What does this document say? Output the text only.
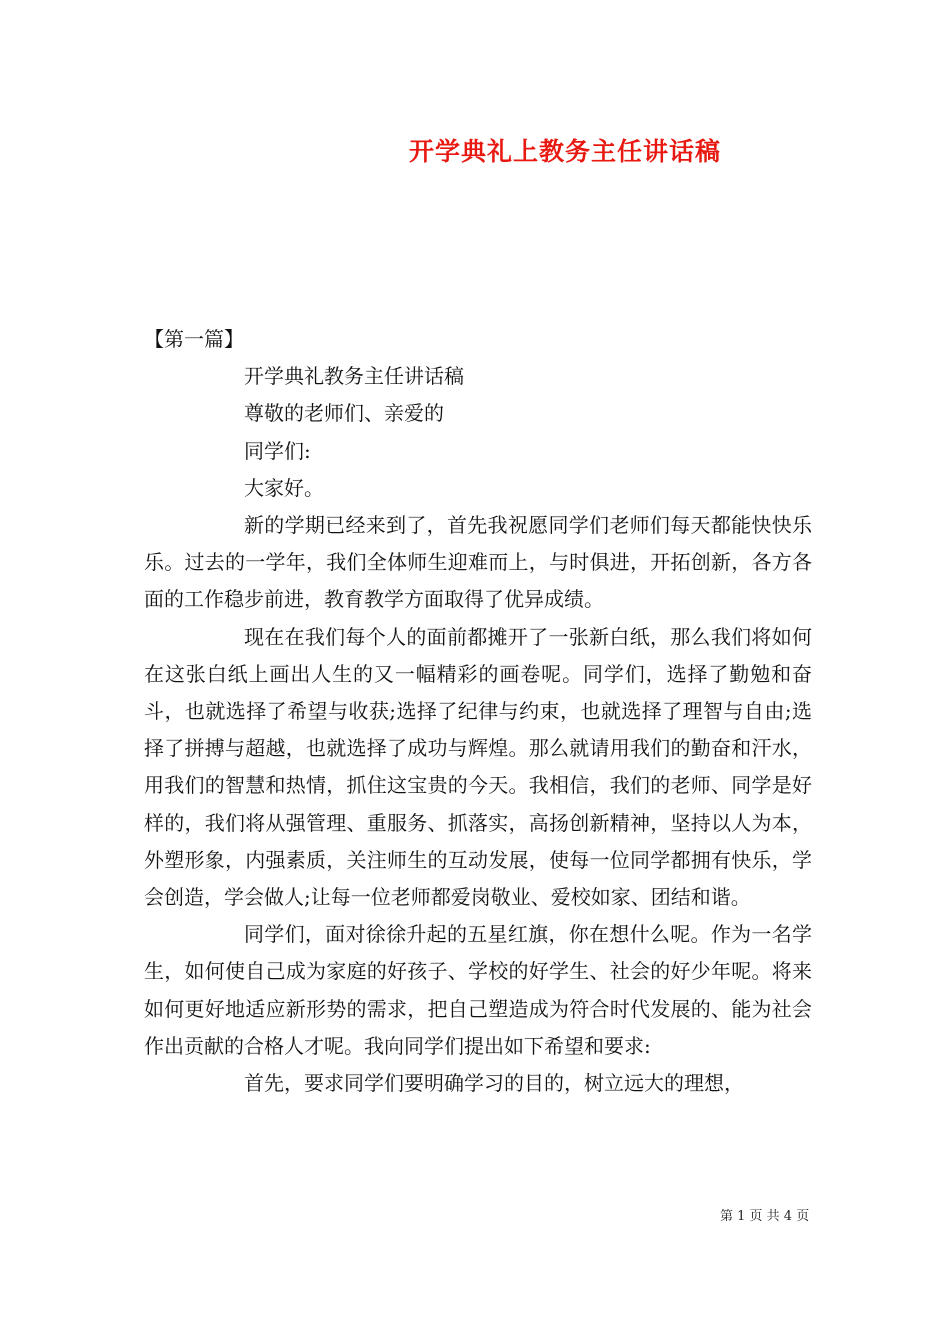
开学典礼上教务主任讲话稿
【第一篇】
开学典礼教务主任讲话稿
尊敬的老师们、亲爱的
同学们:
大家好。

新的学期已经来到了，首先我祝愿同学们老师们每天都能快快乐乐。过去的一学年，我们全体师生迎难而上，与时俱进，开拓创新，各方各面的工作稳步前进，教育教学方面取得了优异成绩。

现在在我们每个人的面前都摊开了一张新白纸，那么我们将如何在这张白纸上画出人生的又一幅精彩的画卷呢。同学们，选择了勤勉和奋斗，也就选择了希望与收获;选择了纪律与约束，也就选择了理智与自由;选择了拼搏与超越，也就选择了成功与辉煌。那么就请用我们的勤奋和汗水，用我们的智慧和热情，抓住这宝贵的今天。我相信，我们的老师、同学是好样的，我们将从强管理、重服务、抓落实，高扬创新精神，坚持以人为本，外塑形象，内强素质，关注师生的互动发展，使每一位同学都拥有快乐，学会创造，学会做人;让每一位老师都爱岗敬业、爱校如家、团结和谐。

同学们，面对徐徐升起的五星红旗，你在想什么呢。作为一名学生，如何使自己成为家庭的好孩子、学校的好学生、社会的好少年呢。将来如何更好地适应新形势的需求，把自己塑造成为符合时代发展的、能为社会作出贡献的合格人才呢。我向同学们提出如下希望和要求:

首先，要求同学们要明确学习的目的，树立远大的理想，

第 1 页 共 4 页
